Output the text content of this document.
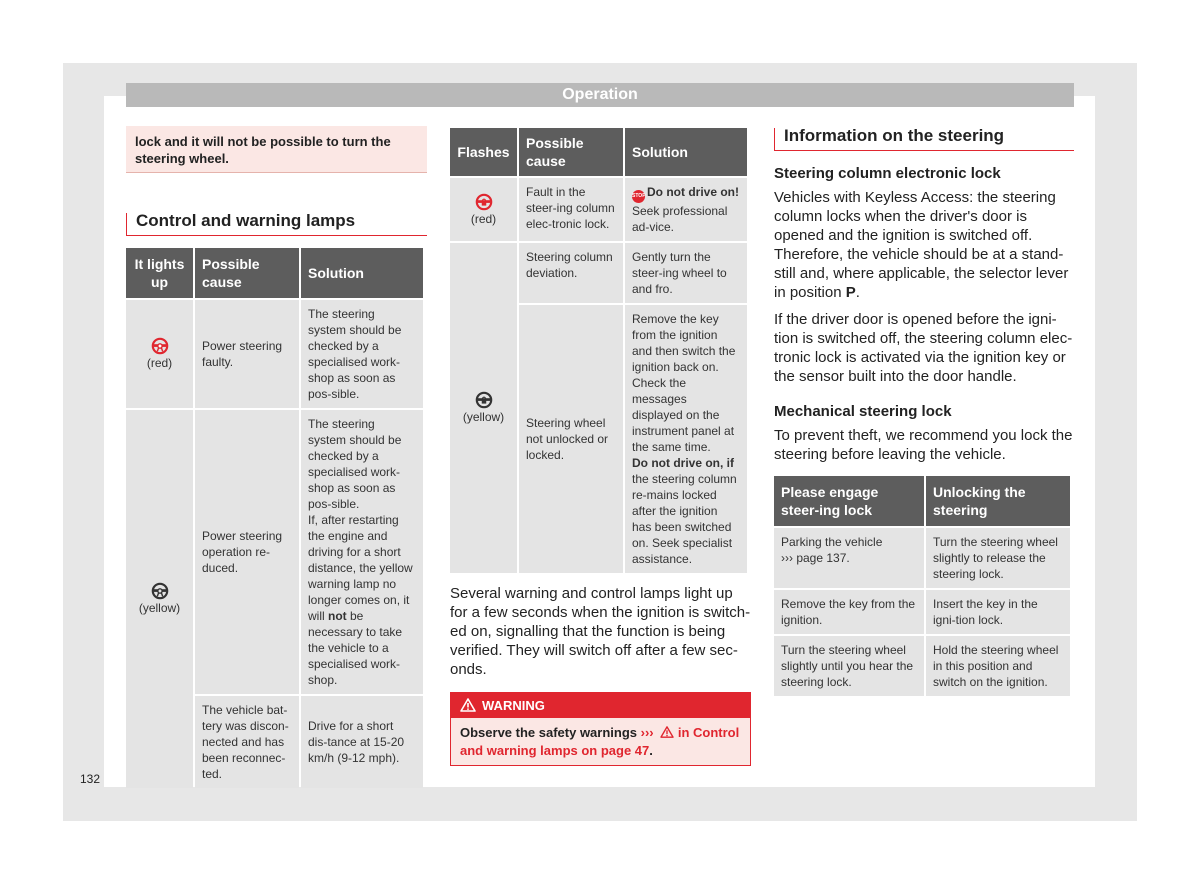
Operation
lock and it will not be possible to turn the steering wheel.
Control and warning lamps
It lights up	Possible cause	Solution

(red)	Power steering faulty.	The steering system should be checked by a specialised work-shop as soon as pos-sible.

(yellow)	Power steering operation re-duced.	The steering system should be checked by a specialised work-shop as soon as pos-sible.
If, after restarting the engine and driving for a short distance, the yellow warning lamp no longer comes on, it will not be necessary to take the vehicle to a specialised work-shop.

	The vehicle bat-tery was discon-nected and has been reconnec-ted.	Drive for a short dis-tance at 15-20 km/h (9-12 mph).
Flashes	Possible cause	Solution

(red)	Fault in the steer-ing column elec-tronic lock.	STOPDo not drive on!
Seek professional ad-vice.

(yellow)	Steering column deviation.	Gently turn the steer-ing wheel to and fro.
	Steering wheel not unlocked or locked.	Remove the key from the ignition and then switch the ignition back on. Check the messages displayed on the instrument panel at the same time.
Do not drive on, if the steering column re-mains locked after the ignition has been switched on. Seek specialist assistance.

Several warning and control lamps light up for a few seconds when the ignition is switch-ed on, signalling that the function is being verified. They will switch off after a few sec-onds.

WARNING
Observe the safety warnings ›››  in Control and warning lamps on page 47.
Information on the steering
Steering column electronic lock

Vehicles with Keyless Access: the steering column locks when the driver's door is opened and the ignition is switched off. Therefore, the vehicle should be at a stand-still and, where applicable, the selector lever in position P.

If the driver door is opened before the igni-tion is switched off, the steering column elec-tronic lock is activated via the ignition key or the sensor built into the door handle.

Mechanical steering lock

To prevent theft, we recommend you lock the steering before leaving the vehicle.

Please engage steer-ing lock	Unlocking the steering
Parking the vehicle
››› page 137.	Turn the steering wheel slightly to release the steering lock.
Remove the key from the ignition.	Insert the key in the igni-tion lock.
Turn the steering wheel slightly until you hear the steering lock.	Hold the steering wheel in this position and switch on the ignition.
132
